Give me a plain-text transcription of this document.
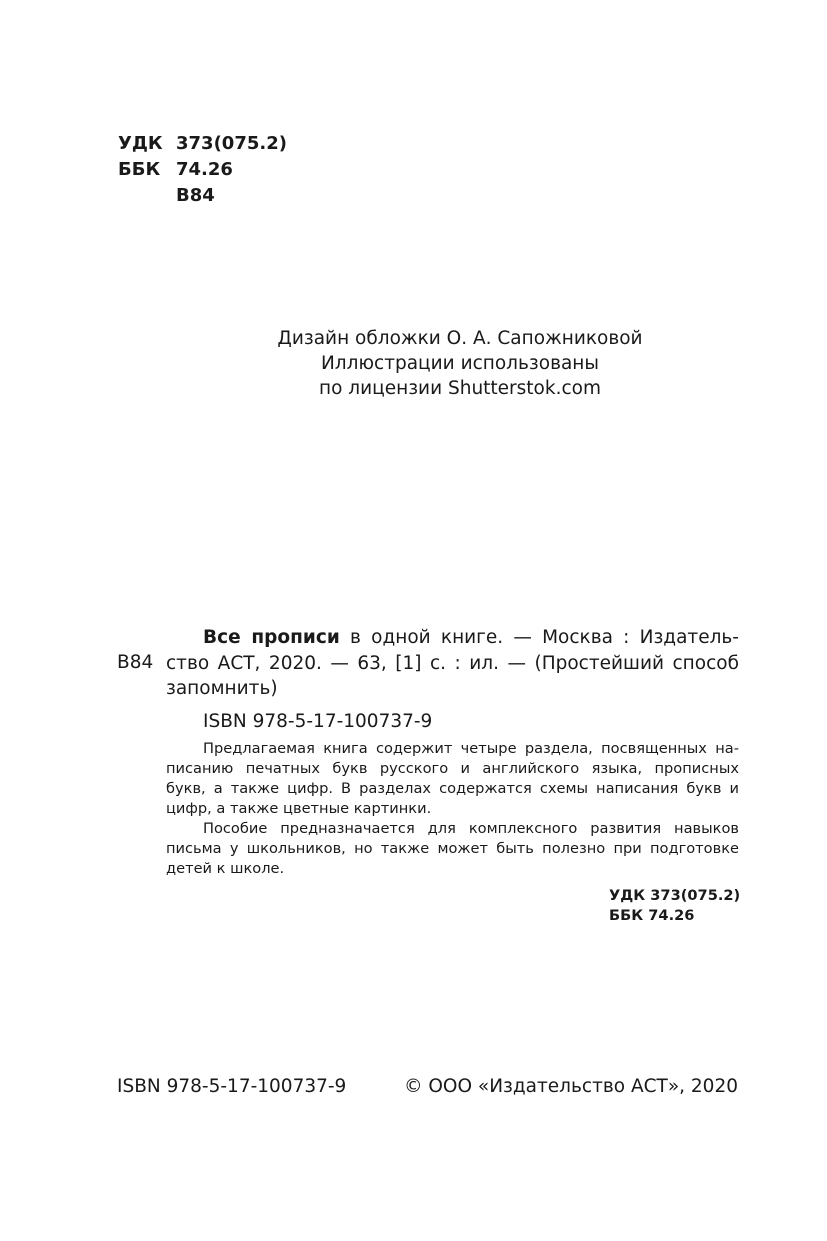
УДК 373(075.2)
ББК 74.26
В84
Дизайн обложки О. А. Сапожниковой
Иллюстрации использованы
по лицензии Shutterstok.com
В84
Все прописи в одной книге. — Москва : Издатель-
ство АСТ, 2020. — 63, [1] с. : ил. — (Простейший способ
запомнить)
ISBN 978-5-17-100737-9
Предлагаемая книга содержит четыре раздела, посвященных на-
писанию печатных букв русского и английского языка, прописных
букв, а также цифр. В разделах содержатся схемы написания букв и
цифр, а также цветные картинки.
Пособие предназначается для комплексного развития навыков
письма у школьников, но также может быть полезно при подготовке
детей к школе.
УДК 373(075.2)
ББК 74.26
ISBN 978-5-17-100737-9	© ООО «Издательство АСТ», 2020
